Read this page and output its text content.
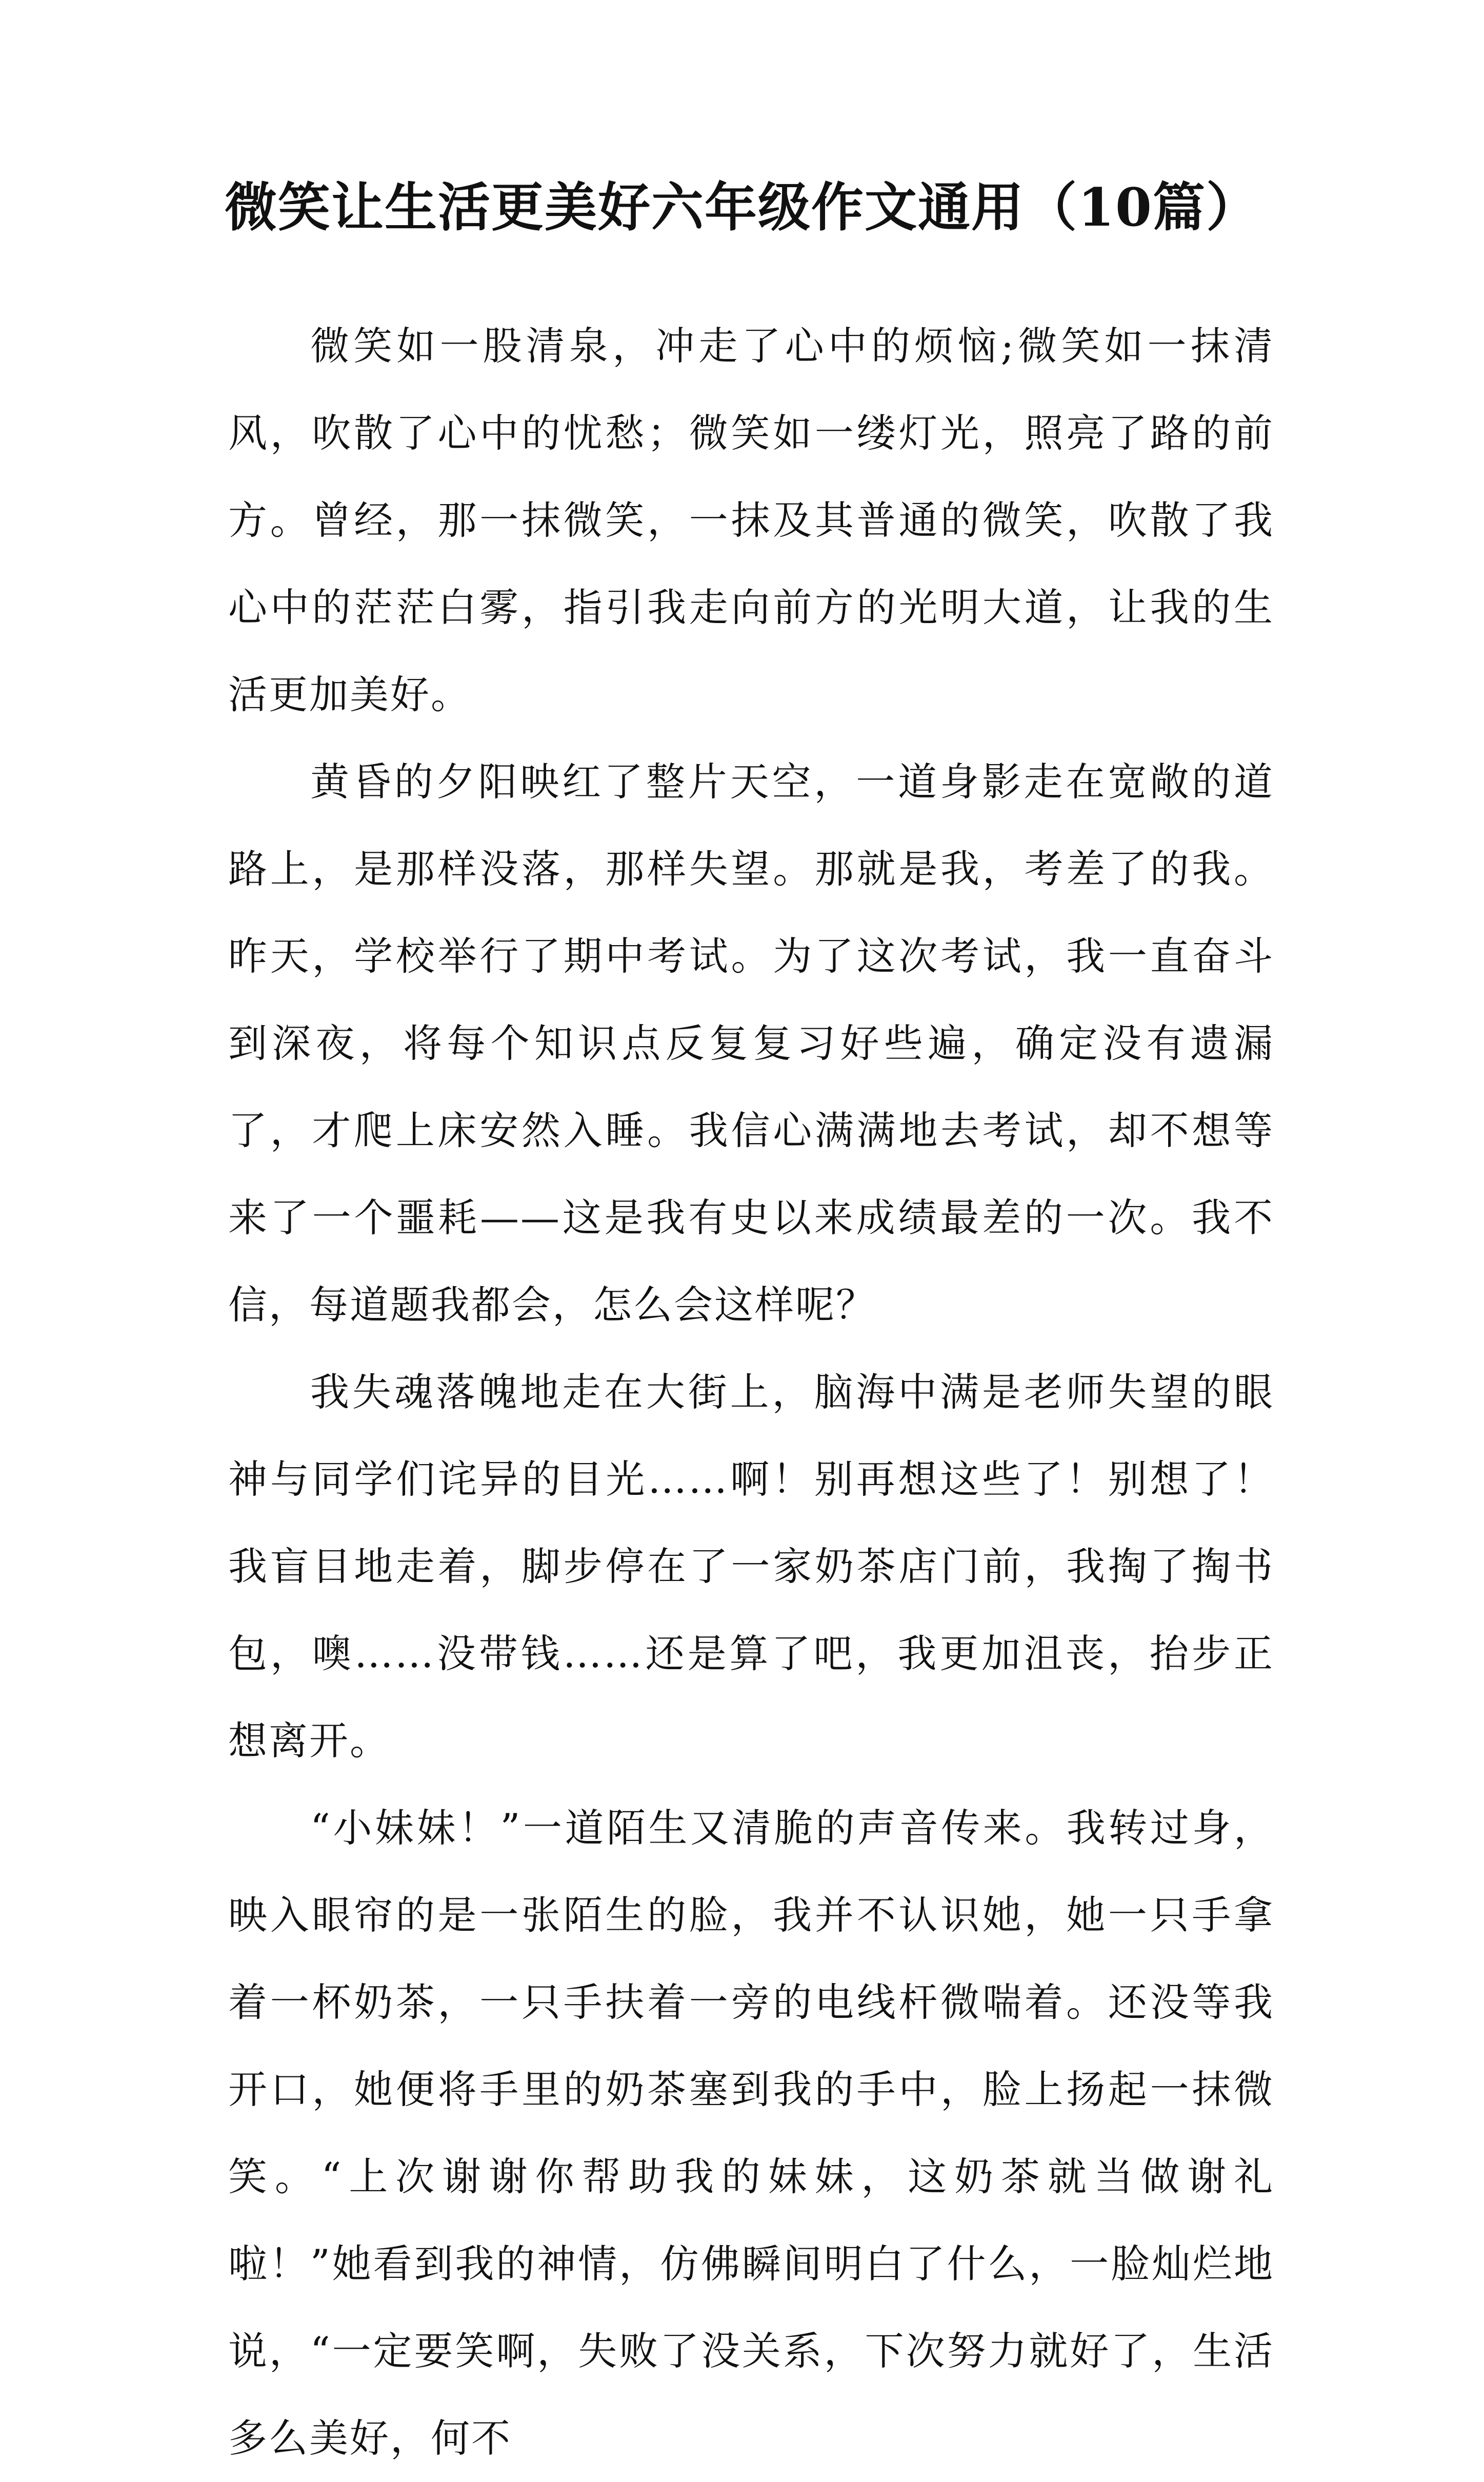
微笑让生活更美好六年级作文通用（10篇）

微笑如一股清泉，冲走了心中的烦恼;微笑如一抹清风，吹散了心中的忧愁；微笑如一缕灯光，照亮了路的前方。曾经，那一抹微笑，一抹及其普通的微笑，吹散了我心中的茫茫白雾，指引我走向前方的光明大道，让我的生活更加美好。

黄昏的夕阳映红了整片天空，一道身影走在宽敞的道路上，是那样没落，那样失望。那就是我，考差了的我。昨天，学校举行了期中考试。为了这次考试，我一直奋斗到深夜，将每个知识点反复复习好些遍，确定没有遗漏了，才爬上床安然入睡。我信心满满地去考试，却不想等来了一个噩耗——这是我有史以来成绩最差的一次。我不信，每道题我都会，怎么会这样呢？

我失魂落魄地走在大街上，脑海中满是老师失望的眼神与同学们诧异的目光……啊！别再想这些了！别想了！我盲目地走着，脚步停在了一家奶茶店门前，我掏了掏书包，噢……没带钱……还是算了吧，我更加沮丧，抬步正想离开。

“小妹妹！”一道陌生又清脆的声音传来。我转过身，映入眼帘的是一张陌生的脸，我并不认识她，她一只手拿着一杯奶茶，一只手扶着一旁的电线杆微喘着。还没等我开口，她便将手里的奶茶塞到我的手中，脸上扬起一抹微笑。“上次谢谢你帮助我的妹妹，这奶茶就当做谢礼啦！”她看到我的神情，仿佛瞬间明白了什么，一脸灿烂地说，“一定要笑啊，失败了没关系，下次努力就好了，生活多么美好，何不
